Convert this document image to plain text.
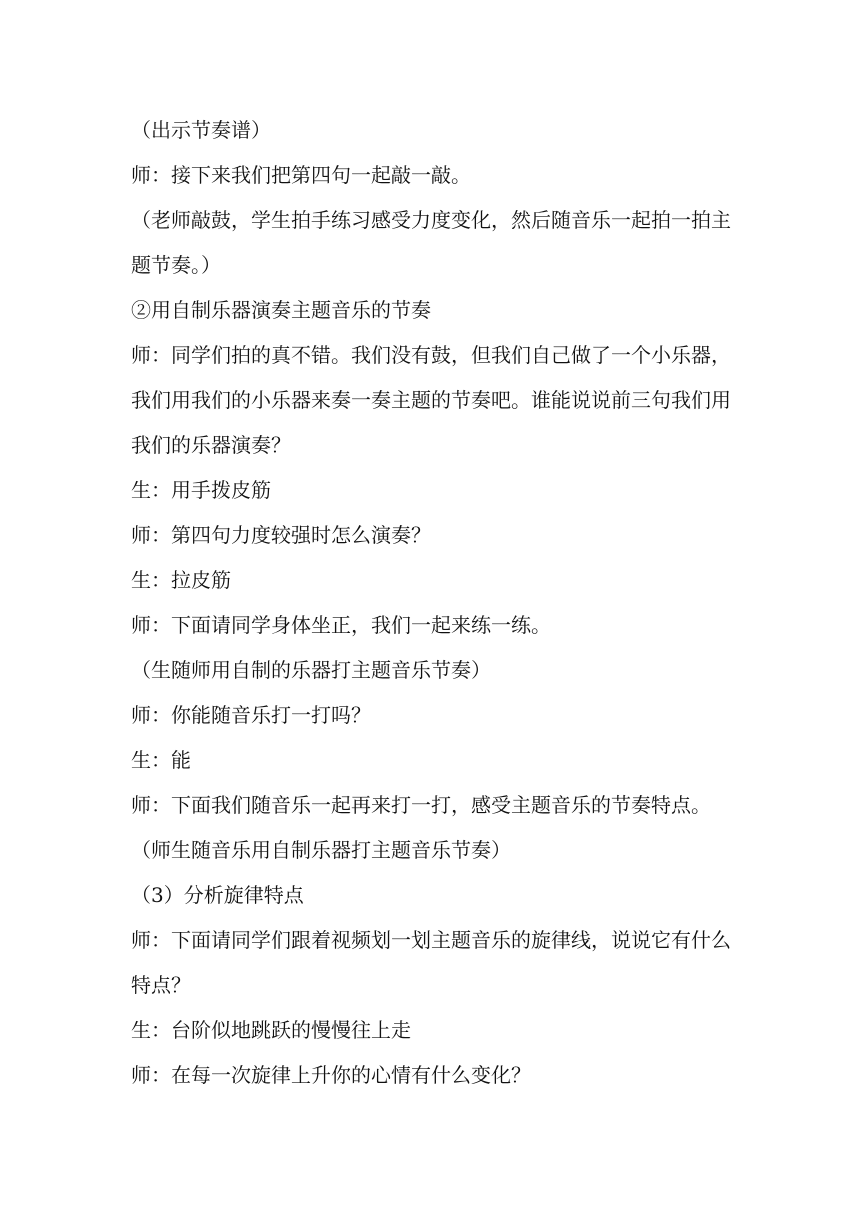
（出示节奏谱）

师：接下来我们把第四句一起敲一敲。

（老师敲鼓，学生拍手练习感受力度变化，然后随音乐一起拍一拍主题节奏。）

②用自制乐器演奏主题音乐的节奏

师：同学们拍的真不错。我们没有鼓，但我们自己做了一个小乐器，我们用我们的小乐器来奏一奏主题的节奏吧。谁能说说前三句我们用我们的乐器演奏？

生：用手拨皮筋

师：第四句力度较强时怎么演奏？

生：拉皮筋

师：下面请同学身体坐正，我们一起来练一练。

（生随师用自制的乐器打主题音乐节奏）

师：你能随音乐打一打吗？

生：能

师：下面我们随音乐一起再来打一打，感受主题音乐的节奏特点。

（师生随音乐用自制乐器打主题音乐节奏）

（3）分析旋律特点

师：下面请同学们跟着视频划一划主题音乐的旋律线，说说它有什么特点？

生：台阶似地跳跃的慢慢往上走

师：在每一次旋律上升你的心情有什么变化？
